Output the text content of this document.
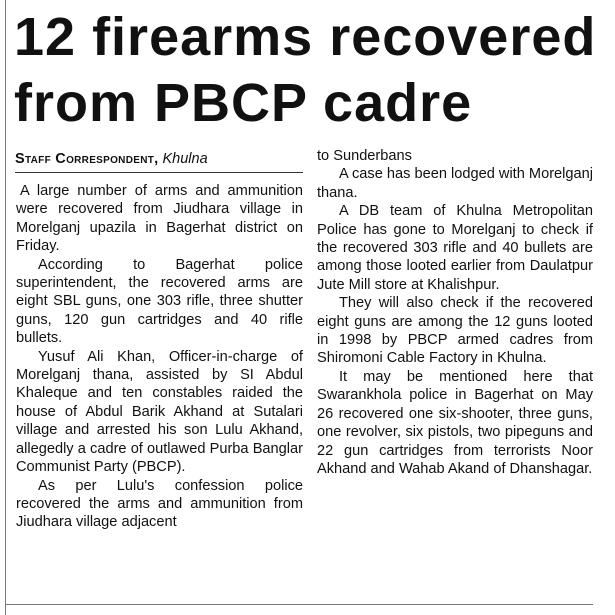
12 firearms recovered from PBCP cadre
Staff Correspondent, Khulna

A large number of arms and ammunition were recovered from Jiudhara village in Morelganj upazila in Bagerhat district on Friday.

According to Bagerhat police superintendent, the recovered arms are eight SBL guns, one 303 rifle, three shutter guns, 120 gun cartridges and 40 rifle bullets.

Yusuf Ali Khan, Officer-in-charge of Morelganj thana, assisted by SI Abdul Khaleque and ten constables raided the house of Abdul Barik Akhand at Sutalari village and arrested his son Lulu Akhand, allegedly a cadre of outlawed Purba Banglar Communist Party (PBCP).

As per Lulu's confession police recovered the arms and ammunition from Jiudhara village adjacent

to Sunderbans

A case has been lodged with Morelganj thana.

A DB team of Khulna Metropolitan Police has gone to Morelganj to check if the recovered 303 rifle and 40 bullets are among those looted earlier from Daulatpur Jute Mill store at Khalishpur.

They will also check if the recovered eight guns are among the 12 guns looted in 1998 by PBCP armed cadres from Shiromoni Cable Factory in Khulna.

It may be mentioned here that Swarankhola police in Bagerhat on May 26 recovered one six-shooter, three guns, one revolver, six pistols, two pipeguns and 22 gun cartridges from terrorists Noor Akhand and Wahab Akand of Dhanshagar.
